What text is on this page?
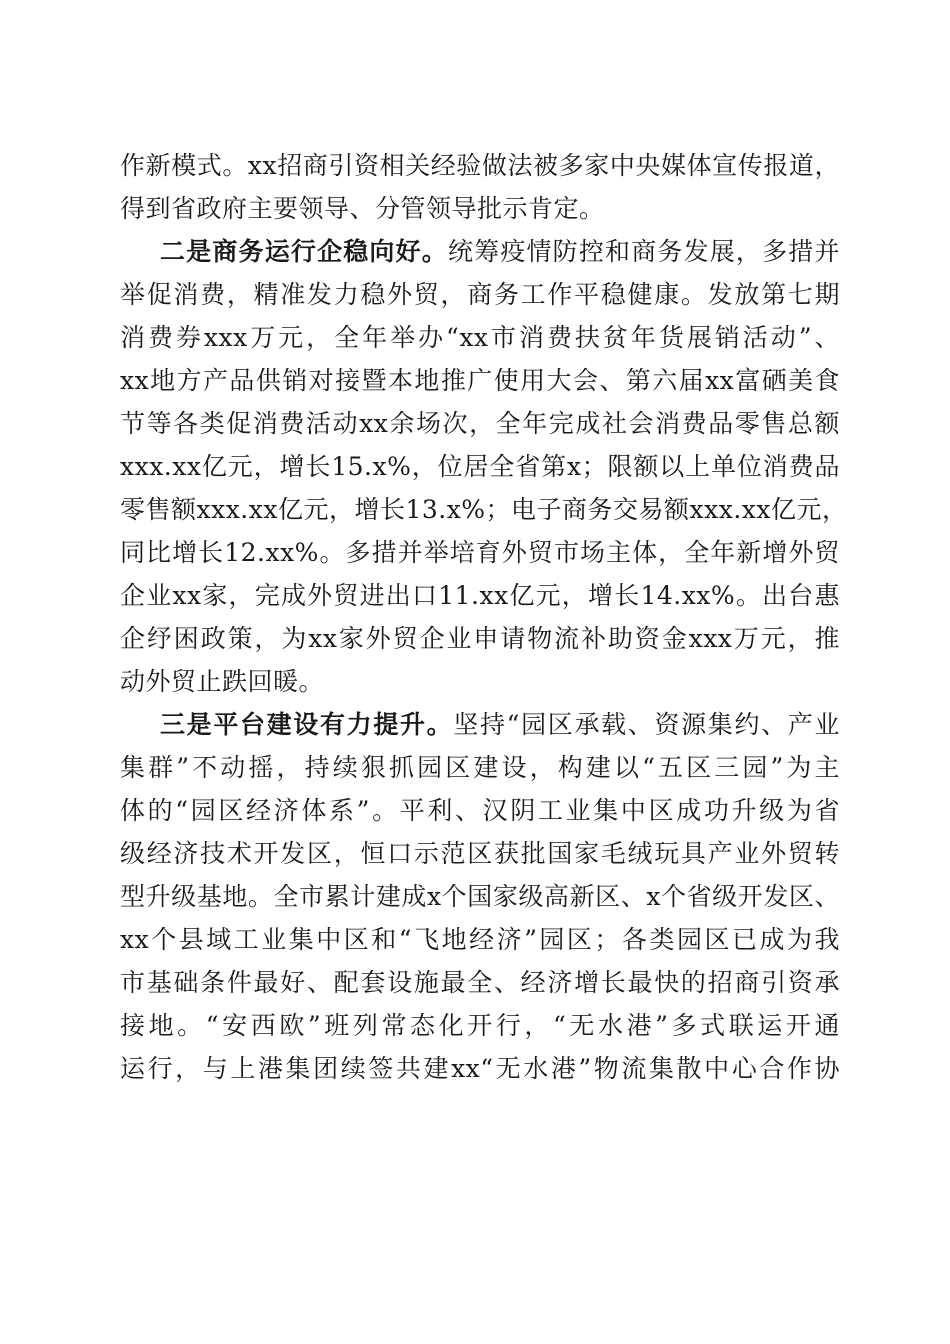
作新模式。xx招商引资相关经验做法被多家中央媒体宣传报道，
得到省政府主要领导、分管领导批示肯定。
二是商务运行企稳向好。统筹疫情防控和商务发展，多措并
举促消费，精准发力稳外贸，商务工作平稳健康。发放第七期
消费券xxx万元，全年举办“xx市消费扶贫年货展销活动”、
xx地方产品供销对接暨本地推广使用大会、第六届xx富硒美食
节等各类促消费活动xx余场次，全年完成社会消费品零售总额
xxx.xx亿元，增长15.x%，位居全省第x；限额以上单位消费品
零售额xxx.xx亿元，增长13.x%；电子商务交易额xxx.xx亿元，
同比增长12.xx%。多措并举培育外贸市场主体，全年新增外贸
企业xx家，完成外贸进出口11.xx亿元，增长14.xx%。出台惠
企纾困政策，为xx家外贸企业申请物流补助资金xxx万元，推
动外贸止跌回暖。
三是平台建设有力提升。坚持“园区承载、资源集约、产业
集群”不动摇，持续狠抓园区建设，构建以“五区三园”为主
体的“园区经济体系”。平利、汉阴工业集中区成功升级为省
级经济技术开发区，恒口示范区获批国家毛绒玩具产业外贸转
型升级基地。全市累计建成x个国家级高新区、x个省级开发区、
xx个县域工业集中区和“飞地经济”园区；各类园区已成为我
市基础条件最好、配套设施最全、经济增长最快的招商引资承
接地。“安西欧”班列常态化开行，“无水港”多式联运开通
运行，与上港集团续签共建xx“无水港”物流集散中心合作协
